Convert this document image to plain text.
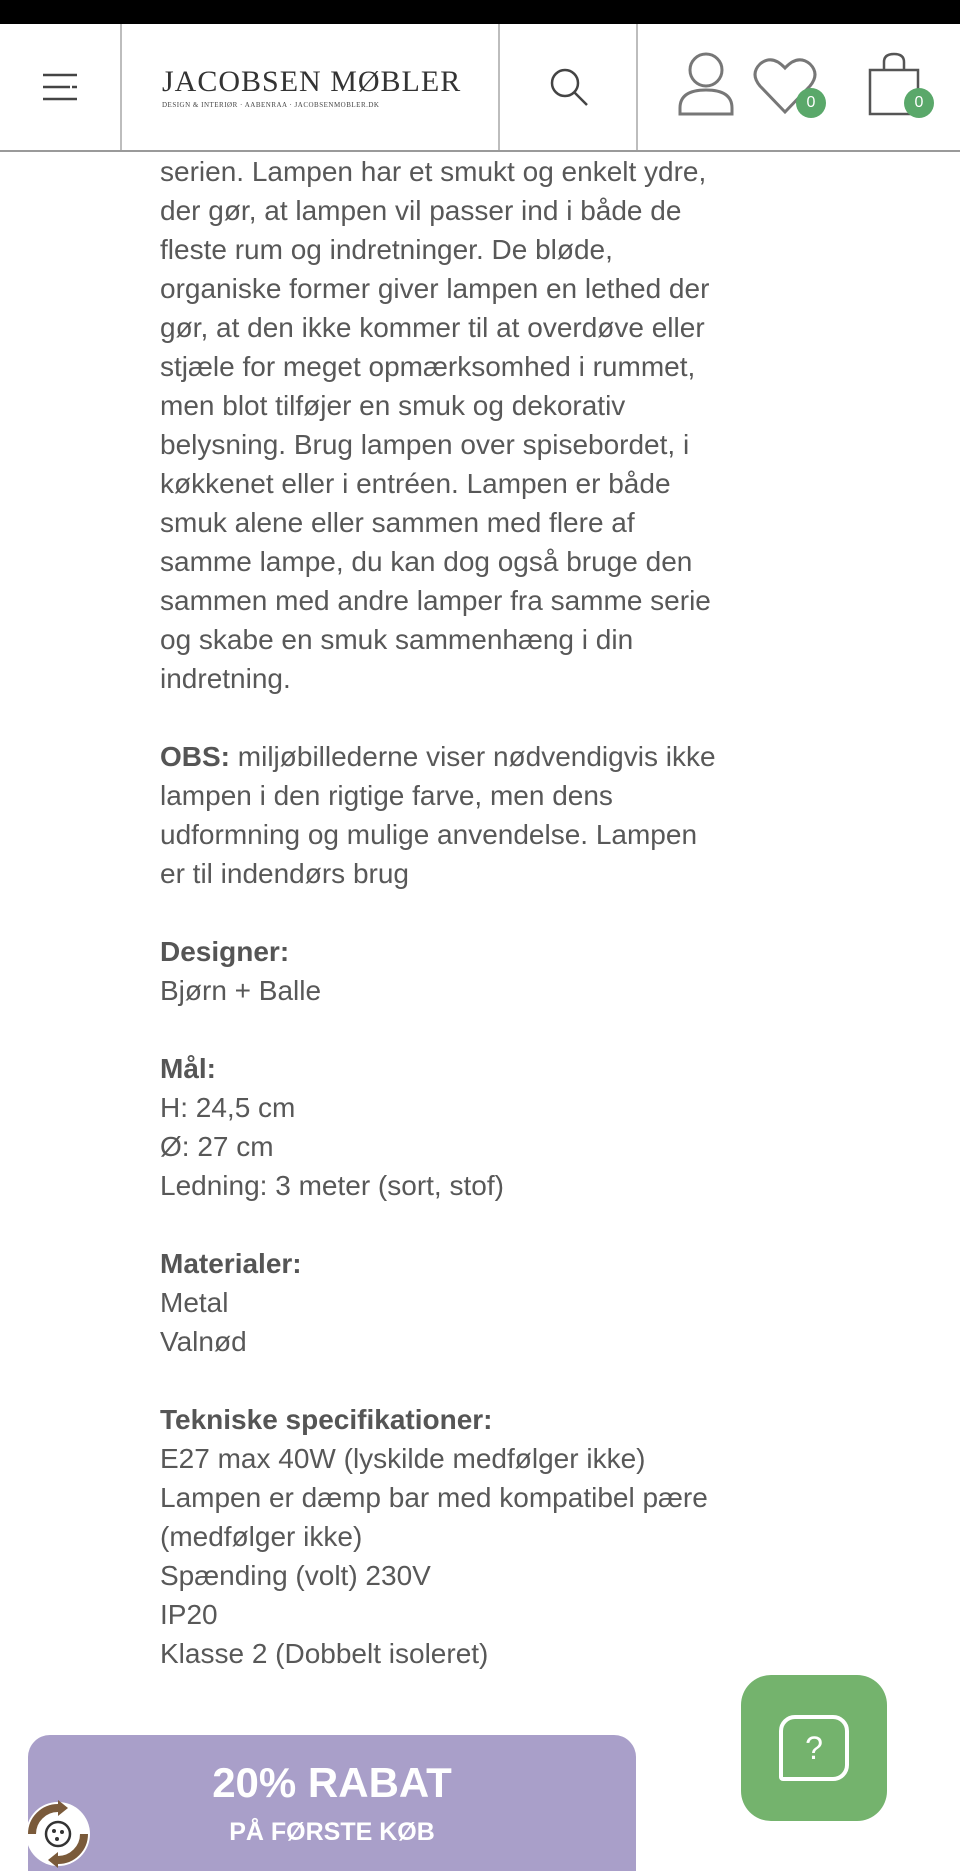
JACOBSEN MØBLER
DESIGN & INTERIØR · AABENRAA · JACOBSENMOBLER.DK	0	0

serien. Lampen har et smukt og enkelt ydre,

der gør, at lampen vil passer ind i både de

fleste rum og indretninger. De bløde,

organiske former giver lampen en lethed der

gør, at den ikke kommer til at overdøve eller

stjæle for meget opmærksomhed i rummet,

men blot tilføjer en smuk og dekorativ

belysning. Brug lampen over spisebordet, i

køkkenet eller i entréen. Lampen er både

smuk alene eller sammen med flere af

samme lampe, du kan dog også bruge den

sammen med andre lamper fra samme serie

og skabe en smuk sammenhæng i din

indretning.

OBS: miljøbillederne viser nødvendigvis ikke

lampen i den rigtige farve, men dens

udformning og mulige anvendelse. Lampen

er til indendørs brug

Designer:

Bjørn + Balle

Mål:

H: 24,5 cm

Ø: 27 cm

Ledning: 3 meter (sort, stof)

Materialer:

Metal

Valnød

Tekniske specifikationer:

E27 max 40W (lyskilde medfølger ikke)

Lampen er dæmp bar med kompatibel pære

(medfølger ikke)

Spænding (volt) 230V

IP20

Klasse 2 (Dobbelt isoleret)

?
20% RABAT
PÅ FØRSTE KØB
